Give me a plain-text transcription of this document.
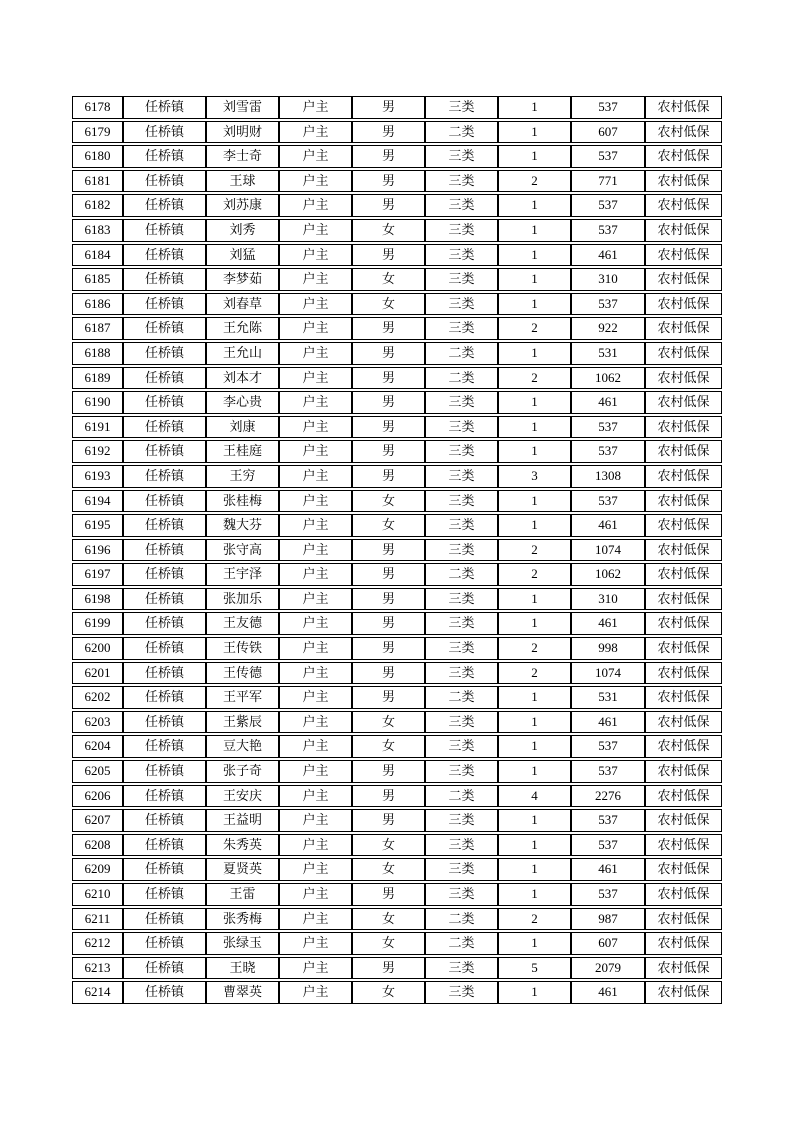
6178	任桥镇	刘雪雷	户主	男	三类	1	537	农村低保
6179	任桥镇	刘明财	户主	男	二类	1	607	农村低保
6180	任桥镇	李士奇	户主	男	三类	1	537	农村低保
6181	任桥镇	王球	户主	男	三类	2	771	农村低保
6182	任桥镇	刘苏康	户主	男	三类	1	537	农村低保
6183	任桥镇	刘秀	户主	女	三类	1	537	农村低保
6184	任桥镇	刘猛	户主	男	三类	1	461	农村低保
6185	任桥镇	李梦茹	户主	女	三类	1	310	农村低保
6186	任桥镇	刘春草	户主	女	三类	1	537	农村低保
6187	任桥镇	王允陈	户主	男	三类	2	922	农村低保
6188	任桥镇	王允山	户主	男	二类	1	531	农村低保
6189	任桥镇	刘本才	户主	男	二类	2	1062	农村低保
6190	任桥镇	李心贵	户主	男	三类	1	461	农村低保
6191	任桥镇	刘康	户主	男	三类	1	537	农村低保
6192	任桥镇	王桂庭	户主	男	三类	1	537	农村低保
6193	任桥镇	王穷	户主	男	三类	3	1308	农村低保
6194	任桥镇	张桂梅	户主	女	三类	1	537	农村低保
6195	任桥镇	魏大芬	户主	女	三类	1	461	农村低保
6196	任桥镇	张守高	户主	男	三类	2	1074	农村低保
6197	任桥镇	王宇泽	户主	男	二类	2	1062	农村低保
6198	任桥镇	张加乐	户主	男	三类	1	310	农村低保
6199	任桥镇	王友德	户主	男	三类	1	461	农村低保
6200	任桥镇	王传铁	户主	男	三类	2	998	农村低保
6201	任桥镇	王传德	户主	男	三类	2	1074	农村低保
6202	任桥镇	王平军	户主	男	二类	1	531	农村低保
6203	任桥镇	王紫辰	户主	女	三类	1	461	农村低保
6204	任桥镇	豆大艳	户主	女	三类	1	537	农村低保
6205	任桥镇	张子奇	户主	男	三类	1	537	农村低保
6206	任桥镇	王安庆	户主	男	二类	4	2276	农村低保
6207	任桥镇	王益明	户主	男	三类	1	537	农村低保
6208	任桥镇	朱秀英	户主	女	三类	1	537	农村低保
6209	任桥镇	夏贤英	户主	女	三类	1	461	农村低保
6210	任桥镇	王雷	户主	男	三类	1	537	农村低保
6211	任桥镇	张秀梅	户主	女	二类	2	987	农村低保
6212	任桥镇	张绿玉	户主	女	二类	1	607	农村低保
6213	任桥镇	王晓	户主	男	三类	5	2079	农村低保
6214	任桥镇	曹翠英	户主	女	三类	1	461	农村低保
